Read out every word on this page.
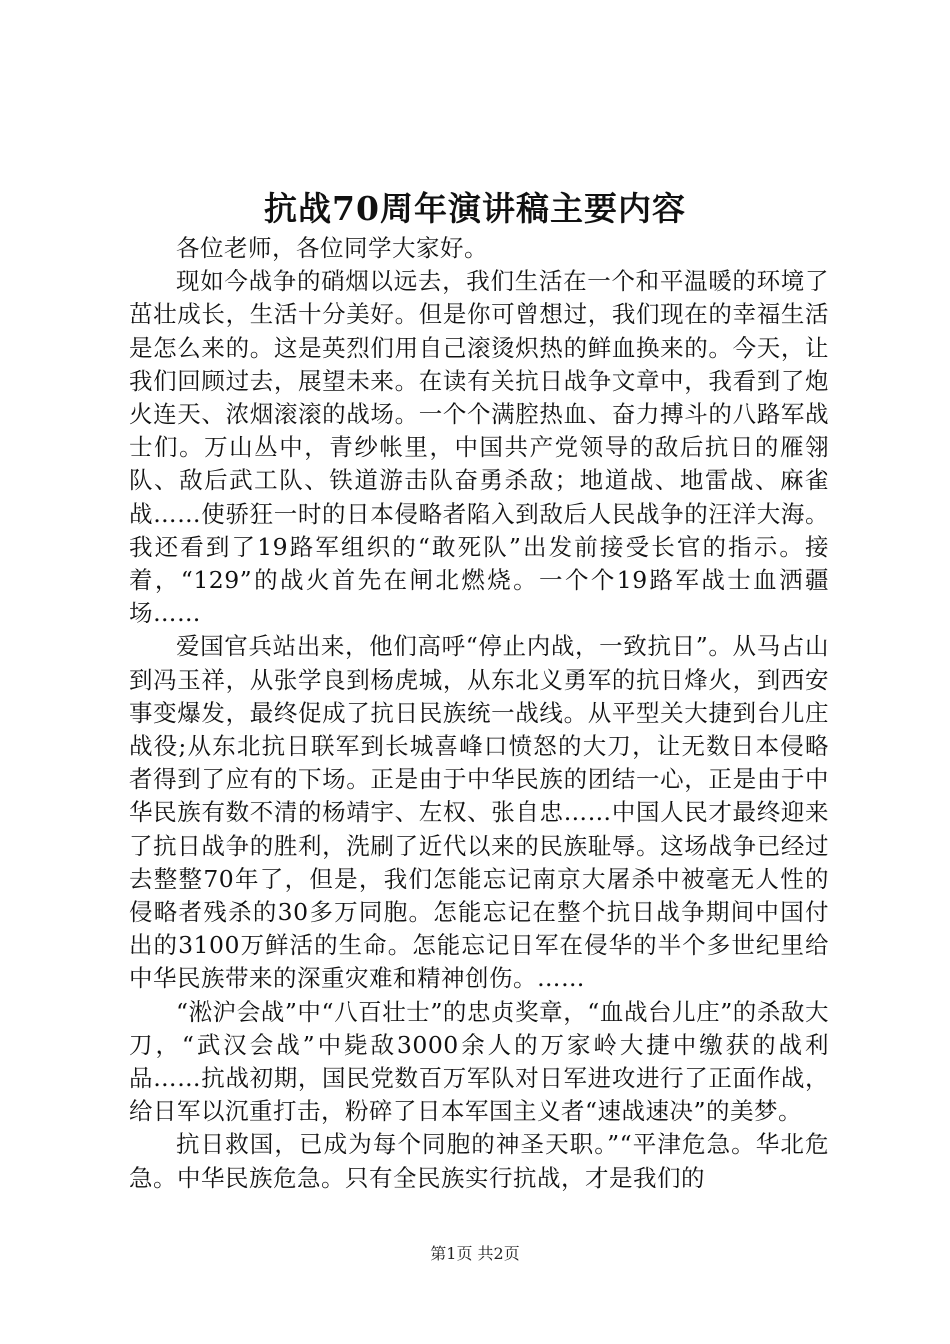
抗战70周年演讲稿主要内容

各位老师，各位同学大家好。

现如今战争的硝烟以远去，我们生活在一个和平温暖的环境了茁壮成长，生活十分美好。但是你可曾想过，我们现在的幸福生活是怎么来的。这是英烈们用自己滚烫炽热的鲜血换来的。今天，让我们回顾过去，展望未来。在读有关抗日战争文章中，我看到了炮火连天、浓烟滚滚的战场。一个个满腔热血、奋力搏斗的八路军战士们。万山丛中，青纱帐里，中国共产党领导的敌后抗日的雁翎队、敌后武工队、铁道游击队奋勇杀敌；地道战、地雷战、麻雀战……使骄狂一时的日本侵略者陷入到敌后人民战争的汪洋大海。我还看到了19路军组织的“敢死队”出发前接受长官的指示。接着，“129”的战火首先在闸北燃烧。一个个19路军战士血洒疆场……

爱国官兵站出来，他们高呼“停止内战，一致抗日”。从马占山到冯玉祥，从张学良到杨虎城，从东北义勇军的抗日烽火，到西安事变爆发，最终促成了抗日民族统一战线。从平型关大捷到台儿庄战役;从东北抗日联军到长城喜峰口愤怒的大刀，让无数日本侵略者得到了应有的下场。正是由于中华民族的团结一心，正是由于中华民族有数不清的杨靖宇、左权、张自忠……中国人民才最终迎来了抗日战争的胜利，洗刷了近代以来的民族耻辱。这场战争已经过去整整70年了，但是，我们怎能忘记南京大屠杀中被毫无人性的侵略者残杀的30多万同胞。怎能忘记在整个抗日战争期间中国付出的3100万鲜活的生命。怎能忘记日军在侵华的半个多世纪里给中华民族带来的深重灾难和精神创伤。……

“淞沪会战”中“八百壮士”的忠贞奖章，“血战台儿庄”的杀敌大刀，“武汉会战”中毙敌3000余人的万家岭大捷中缴获的战利品……抗战初期，国民党数百万军队对日军进攻进行了正面作战，给日军以沉重打击，粉碎了日本军国主义者“速战速决”的美梦。

抗日救国，已成为每个同胞的神圣天职。”“平津危急。华北危急。中华民族危急。只有全民族实行抗战，才是我们的

第1页 共2页
